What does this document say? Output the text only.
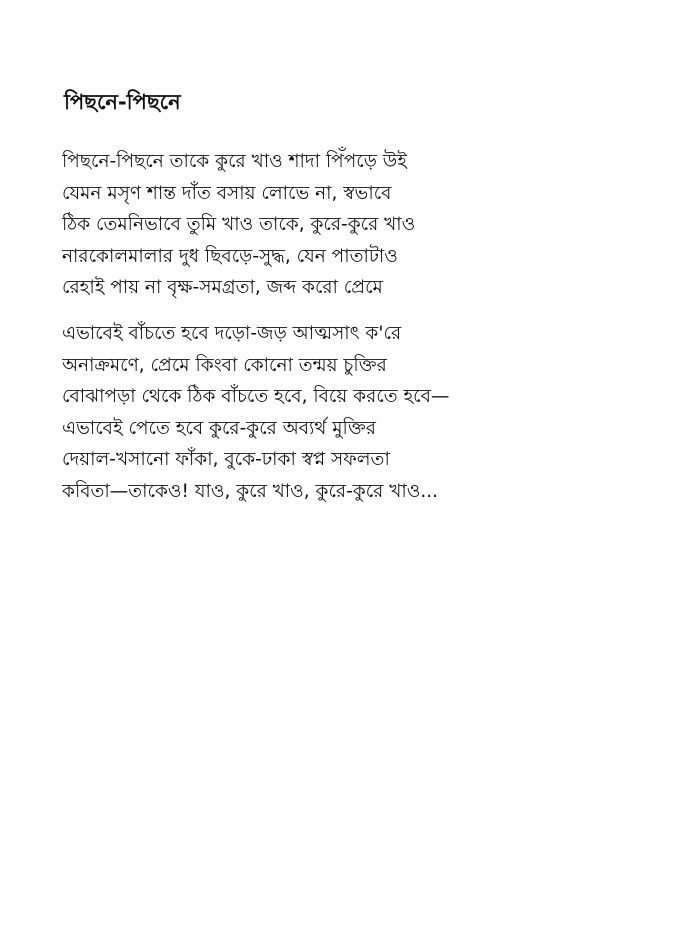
পিছনে-পিছনে
পিছনে-পিছনে তাকে কুরে খাও শাদা পিঁপড়ে উই
যেমন মসৃণ শান্ত দাঁত বসায় লোভে না, স্বভাবে
ঠিক তেমনিভাবে তুমি খাও তাকে, কুরে-কুরে খাও
নারকোলমালার দুধ ছিবড়ে-সুদ্ধ, যেন পাতাটাও
রেহাই পায় না বৃক্ষ-সমগ্রতা, জব্দ করো প্রেমে
এভাবেই বাঁচতে হবে দড়ো-জড় আত্মসাৎ ক'রে
অনাক্রমণে, প্রেমে কিংবা কোনো তন্ময় চুক্তির
বোঝাপড়া থেকে ঠিক বাঁচতে হবে, বিয়ে করতে হবে—
এভাবেই পেতে হবে কুরে-কুরে অব্যর্থ মুক্তির
দেয়াল-খসানো ফাঁকা, বুকে-ঢাকা স্বপ্ন সফলতা
কবিতা—তাকেও! যাও, কুরে খাও, কুরে-কুরে খাও...
